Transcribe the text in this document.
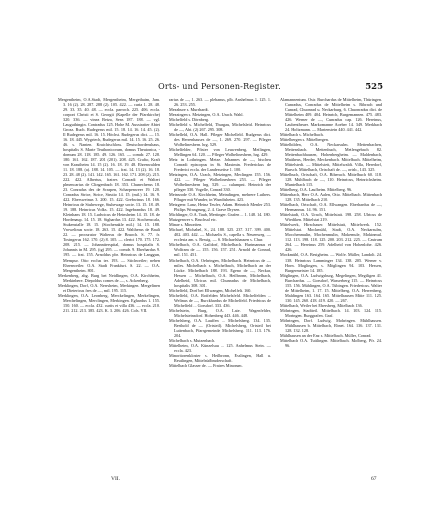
Orts- und Personen-Register.	525

Mergentheim, O.A.Stadt, Mergentheim, Mergethaim, Jam. 3. 16 (2). 28. 287. 288 (2). 105. 422. — curia 1. 28. 48. 29. 33. 35. 40. 48. — eccla. parroch. 225. 406. eccla. corpori Christi et S. Georgii (Kapelle der Pfarrkirche) 320. 336. — vinea Betza, Sens 187. 188. — vgl. Lauguthingin. Contradus 125. Hohe M. Ausstratter Abtei Grozz. Ruch. Rudegerus mil. 15. 18. 14. 16. 14. 45. (2). Il Rudegerus mil. 16. 15. Höchst. Rudegerus dict. — 15. 16. 18. 445. Wygriech, Rudegerus mil. 14. 15. 16. 25. 26. 46. s. Nanten. Kraichtschloss. Deutschordenshaus, hospitalis S. Marie Teuthonicorum, domus Theutonica, -domum 28. 118. 185. 49. 126. 165. — comdr. 27. 128. 180. 161. 162. 187. 201 (201). 208. 425. Crafto, Kraft von Krautheim 14. 15 (2). 16. 18. 19. 48. Ehrenwalden 11. 18. 188. (a). 188. 14. 105. — frat. 14. 13 (2). 16. 18. 23. 28. 48 (2). 141. 142. 165. 161. 162. 171. 208 (2). 215. 222. 422. Albertus, fratres Conradi et Walteri plmencarius de Clingenbach 18. 353. Chunecherus 18. 23. Conradus des de Scrapen, Scharpenweer 19. 120. Conradus Strice, Strice, Strutio 14. 15. (mil.) 14. 16. 9. 422. Ebersweinus 3. 200. 15. 422. Grebwinus 18. 166. Heinricus de Stuhewege, Stuhewage socie. 13. 15. 18. 49. 19. 188. Heinricus Volks. 15. 422. Ingebrandus 18. 49. Kleinhans 18. 15. Ludwicus de Heinsheim 14. 15. 18. de Hordenaup. 14. 15. 18. Sighardus 13. 422. Stochenscala, Stukenstalle 18. 15. (Stochenakle mil.) 14. 15. 188. Vrowelinus socie. 18. 263. 15. 422. Waltherus de Bauli 22. — procurator Walterus de Bruoch. S. 77. fr. Tosingerus 162. 170. (2) 8. 105. — clerici 170. 175. 172. 208. 215. — Johanniterspital, domus hospitalis S. Johannis in M. 295. (ig) 295. — comdr. 9. Eberhardus 9. 195. — frat. 155. Arnoldus pbr. Heinricus de Langgun, Menspur. Otto ecclus ter. 193. — Stichweiler; neben Ehrenweiler. O.A. Stadt Frankfurt. S. 22. — O.A. Mergentheim. 801.

Merkenberg, abg. Burg bei Neidlingen, O.A. Kirchheim, Merkinbere. Diepoldus comes de —, s. Ackenberg.

Merklingen, Dorf, O.A. Nerrsheim, Merkingen. Mergelinen et Dietericus fres de —, mil. 195. 115.

Merklingen, O.A. Leonberg, Merckelingen, Merkelingen, Merchelingen, Merclingen, Merkingen. Eghardus 1. 155. 150. 160. — eccla. 432. curtis et villa 436. — eccla. 210. 211. 212. 213. 385. 423. K. 3. 206. 426. Cols. VII.

rarius de —, 1. 263. — plebanus, plb. Anshelmus 1. 125. 1. 26. 253. 255.

Mezzbure s. Murrhardt.

Mezzingen s. Metzingen, O.A. Urach. Wahl.

Michelfeld s. Dörnberg.

Michelfeld s. Michelfeld, Thurgau, Michelsleid. Heinricus de —, Abt. (2) 267. 295. 308.

Michelleld, O.A. Hall. Pfleger Michelleld. Rudgerus dict. des Herrenhauses de —, 1. 269. 270. 297. — Pfleger Wolbelinesbern. hrg. 529.

Michelfelder, Pfister von Leuwenberg, Meilingen, Mellingen 64. 120. — Pfleger Wolbelinesbern, hrg. 429.

Metz in Lothringen. Metze. Johannes de —, bischeu Conradi episcopus in St. Maximin. Frederickus de Frederici eccla. der Landesseitse 1. 100.

Metzingen, O.A. Urach, Metzingen, Meclingen 155. 156. 422. — Pfleger Wolbelinesbern 253. — Pfleger Wolbelinesbern hrg. 529. — calumpni. Heinrich der pfleger 330. Vogelle, Conrad 330.

Meinsrode O.A. Kirchheim, Meindingen, mehrere Luthers. Pfluger mit Wunder, in Wundisheim. 423.

Metzgern: Lanz, Heinz Teufer, Adam. Heinrich Menler 253. Philips Wrangrung, 2. 4. Grave Drysen.

Michlinger, O.A. Taub, Mertinger. Grafen ... 1. 148. 14. 180.

Mutzgenwer s. Bruchsal etc.

Minae s. Minoriten.

Michael, Michabel, S., 24. 188. 325. 237. 317. 399. 400. 402. 403. 442. — Michaelis S., capella s. Neuenweg. — ecclesia am. s. Bessig. — S. Michaelshausen s. Chur.

Michelbach, O.A. Gaildorf, Michelbach. Hartmannus et Wolfram de — 155. 156. 157. 251. Arnold de Conrad, mil. 151. 451.

Michelbach, O.A. Oehringen, Michelbach. Heinricus de — miles. Michelbach s. Michelbach, Michelbach an der Lücke. Michelbach 188. 193. Egeno de —, Neckar, Hessen ... Michelbach, O.A. Heilbronn, Michelbach, Adelheid, Ulricus mil. Chunradus de Michelbach, hospitalis 308. 301.

Michelfeld, Dorf bei Ellwangen, Michelfelt. 160.

Michelfeld, O.A. Rotfelden Michelsfeld. Michelfelden ... Welinus de —, Burckhardus de Michelfeld. Friedricus de Michelfeld ... Gorsdorf. 333. 436.

Michelstein, Burg, O.A. Laie. Wagenfelder, Michelsteinsdorf. Hohenberg 443. 446. 448.

Michelsberg, O.A. Lauffen ... Michelsberg. 134. 135. Berthold de — (Ortsteil). Michelsberg, Ortsteil bei Luttenbach, Pfarrgemeinde Michelsberg. 111. 113. 176. 204.

Michelbach s. Mutzenbach.

Mittelheim, O.A. Künzelsau ... 125. Anhelmus Stein. — eccla. 423.

Minoritorenkloster s. Heilbronn, Esslingen, Hall u. Reutlingen, Mittelsüdbruderschaft.

Mittelbach Glasser de. — Fratres Minorum.

Alamannentum. Ostr. Burchardus de Mittelheim, Thüringen. Cunradus, Conradus de Mittelheim s. Bibrach und Cunrad, Chuonrad u. Neckarburg. 6. Chuonradus dict. de Mittelheim 409. 404. Heinrich, Burgemannen. 475. 483. 426. Werner de —, Cunradus cap. 126. Hereinus, Laubentheuer. Markomanne Aoeber 14. 349. Merkbach 24. Holtzmann. — Marienstein 440. 441. 442.

Mittelbach s. Michelbach.

Mittelbergen s. Mittelbergen.

Mittelbilden, O.A. Neckarsulm. Mettenbachen, Mettensbach. Mettenbuch, Metlengebach 82. Mettenbachhausen, Hohenbergheim. — Maldenbach, Mattheus, Herder, Meckenbach. Mittelbach. Mittelheim, Mittelstedt. — Mittelstett, Mittelwaldt. Villa, Heredorf, Bursch. Mittelbach, Ortschaft de. —, ortsb., 143. 325.

Mittelbuch, Ortschaft, O.A. Biberach. Mittelbuch 60. 118. 128. Mühlbach de —, 110. Heinricus, Heinrichsheim. Muntelbach 115.

Mittelberg, O.A. Laufheim. Mittelberg. 96.

Mittenbach, Herr O.A. Aalen, Otto. Mittelbach. Mittenbach 128. 135. Mittelbach 210.

Mittelbach, Ortschaft, O.A. Ellwangen. Eberhardus de —, Hermannus. 14. 96. 151.

Mittelstadt, O.A. Urach, Mittelstatt. 198. 258. Ulricus de Wiediken. Mittelstat 219.

Mittelwerk, Hirschauer. Mittelstatt, Mittelwerk. 152. Mittelstat. Mockmühl, Stadt, O.A. Neckarsulm, Mocchenmulin, Mochenmulin, Mokemule, Mokinmul. 112. 113. 198. 118. 125. 200. 203. 212. 225. — Castrum 264. — Hereinus 259. Adelheid von Hohenlohe. 426. 426.

Mockmühl, O.A. Besigheim. — Wolfe. Müller, Landolt. 24. 138. Heinricus Lamminger 134. 138. 205. Werner v. Horn. Moglingen, s. Möglingen 94. 103. Hessen, Burgermeister 14. 185.

Möglingen, O.A. Ludwigsburg, Megelingen, Megiligen 41. Burchardus. — Gorsdorf, Wasserberg 115. — Heinricus 155. 156. Mühlingen, O.A. Tübingen. Friedericus. Walter de Mittelheim, 1. 17. 15. Mittelberg, O.A. Herrenberg, Maldingen 163. 164. 165. Mittelhausen Mitte 111. 125. 130. 145. 260. 418. 419. 420. — 267.

Mittelbach, Weiler bei Ebersberg. Mitelbach 136.

Möhringen, Stadtteil. Mittelbach. 14. 103. 124. 115. Moringen. Burggrafen. Graf.

Möhringen, Dorf. Ludwig. Mohringen. Mühlhausen. Mühlhausen b. Mittelbach, Ebnet. 164. 136. 137. 131. 128. 132. 128.

Mühlhausen an der Enz s. Mittelbach. Müller, Conrad.

Mittelbach O.A. Tuttlingen. Mittelbach. Molberg, Pfr. 24. 96.

VII.	67
